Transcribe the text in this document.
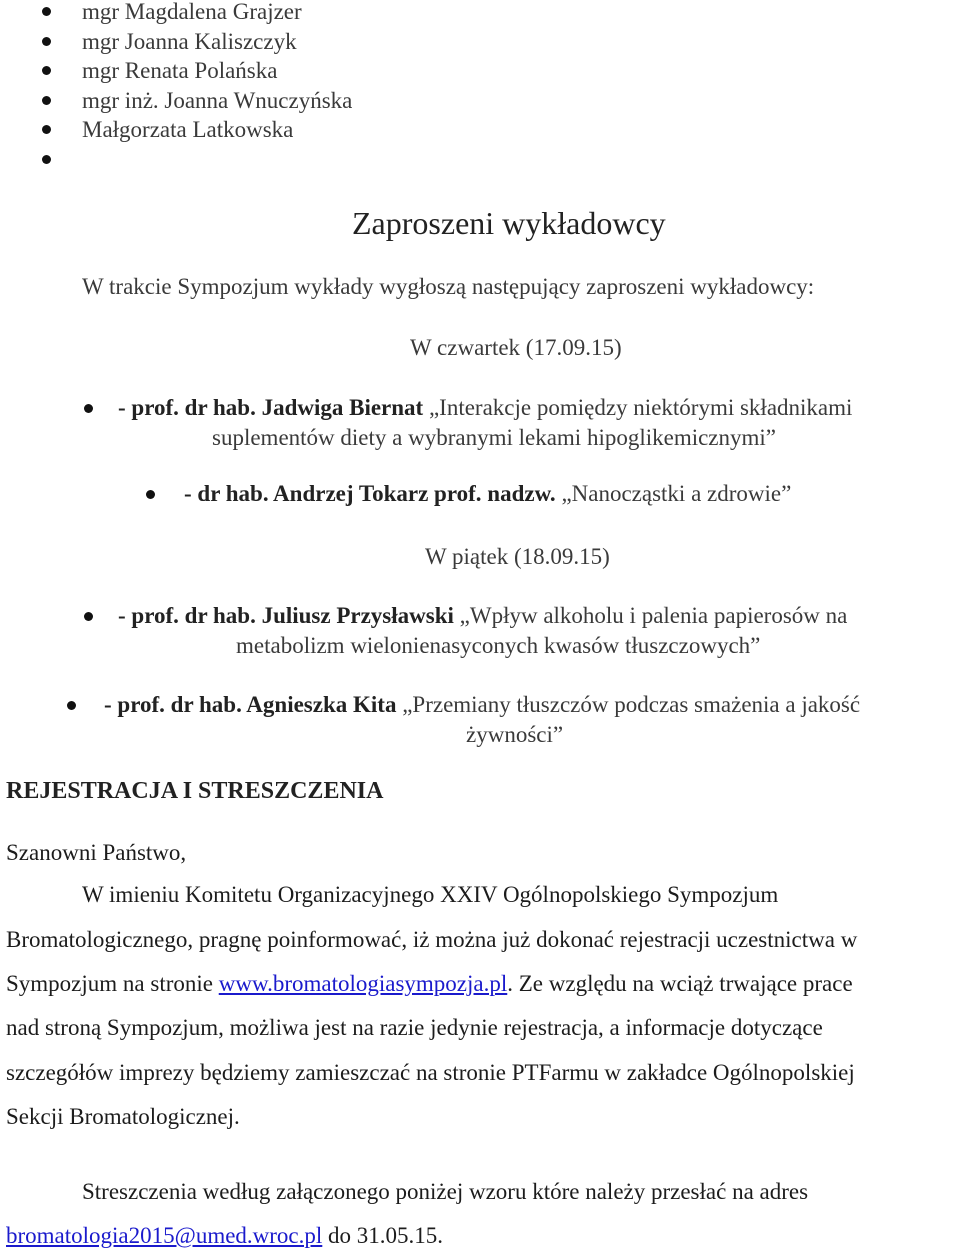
mgr Magdalena Grajzer
mgr Joanna Kaliszczyk
mgr Renata Polańska
mgr inż. Joanna Wnuczyńska
Małgorzata Latkowska
Zaproszeni wykładowcy
W trakcie Sympozjum wykłady wygłoszą następujący zaproszeni wykładowcy:
W czwartek (17.09.15)
- prof. dr hab. Jadwiga Biernat „Interakcje pomiędzy niektórymi składnikami
suplementów diety a wybranymi lekami hipoglikemicznymi”
- dr hab. Andrzej Tokarz prof. nadzw. „Nanocząstki a zdrowie”
W piątek (18.09.15)
- prof. dr hab. Juliusz Przysławski „Wpływ alkoholu i palenia papierosów na
metabolizm wielonienasyconych kwasów tłuszczowych”
- prof. dr hab. Agnieszka Kita „Przemiany tłuszczów podczas smażenia a jakość
żywności”
REJESTRACJA I STRESZCZENIA
Szanowni Państwo,
W imieniu Komitetu Organizacyjnego XXIV Ogólnopolskiego Sympozjum
Bromatologicznego, pragnę poinformować, iż można już dokonać rejestracji uczestnictwa w
Sympozjum na stronie www.bromatologiasympozja.pl. Ze względu na wciąż trwające prace
nad stroną Sympozjum, możliwa jest na razie jedynie rejestracja, a informacje dotyczące
szczegółów imprezy będziemy zamieszczać na stronie PTFarmu w zakładce Ogólnopolskiej
Sekcji Bromatologicznej.
Streszczenia według załączonego poniżej wzoru które należy przesłać na adres
bromatologia2015@umed.wroc.pl do 31.05.15.
